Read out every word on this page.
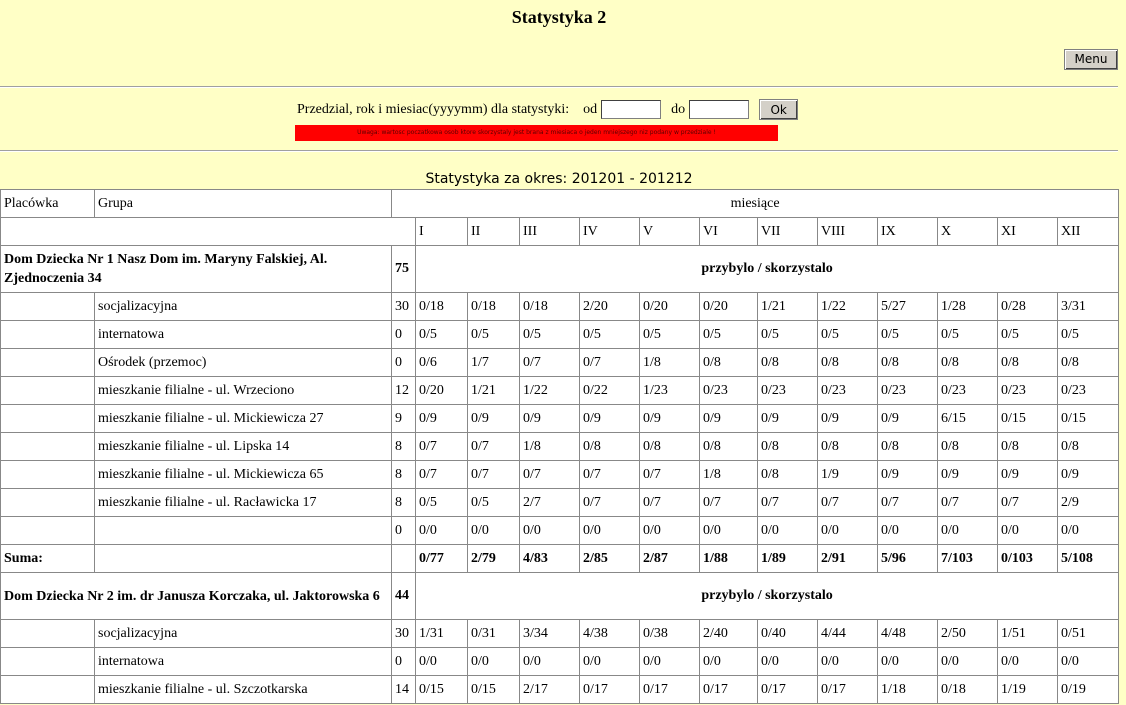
Statystyka 2
Menu
Przedzial, rok i miesiac(yyyymm) dla statystyki: od	do	Ok
Uwaga: wartosc poczatkowa osob ktore skorzystaly jest brana z miesiaca o jeden mniejszego niz podany w przedziale !
Statystyka za okres: 201201 - 201212
Placówka	Grupa	miesiące												
			I	II	III	IV	V	VI	VII	VIII	IX	X	XI	XII
Dom Dziecka Nr 1 Nasz Dom im. Maryny Falskiej, Al. Zjednoczenia 34		75	przybylo / skorzystalo											
	socjalizacyjna	30	0/18	0/18	0/18	2/20	0/20	0/20	1/21	1/22	5/27	1/28	0/28	3/31
	internatowa	0	0/5	0/5	0/5	0/5	0/5	0/5	0/5	0/5	0/5	0/5	0/5	0/5
	Ośrodek (przemoc)	0	0/6	1/7	0/7	0/7	1/8	0/8	0/8	0/8	0/8	0/8	0/8	0/8
	mieszkanie filialne - ul. Wrzeciono	12	0/20	1/21	1/22	0/22	1/23	0/23	0/23	0/23	0/23	0/23	0/23	0/23
	mieszkanie filialne - ul. Mickiewicza 27	9	0/9	0/9	0/9	0/9	0/9	0/9	0/9	0/9	0/9	6/15	0/15	0/15
	mieszkanie filialne - ul. Lipska 14	8	0/7	0/7	1/8	0/8	0/8	0/8	0/8	0/8	0/8	0/8	0/8	0/8
	mieszkanie filialne - ul. Mickiewicza 65	8	0/7	0/7	0/7	0/7	0/7	1/8	0/8	1/9	0/9	0/9	0/9	0/9
	mieszkanie filialne - ul. Racławicka 17	8	0/5	0/5	2/7	0/7	0/7	0/7	0/7	0/7	0/7	0/7	0/7	2/9
		0	0/0	0/0	0/0	0/0	0/0	0/0	0/0	0/0	0/0	0/0	0/0	0/0
Suma:			0/77	2/79	4/83	2/85	2/87	1/88	1/89	2/91	5/96	7/103	0/103	5/108
Dom Dziecka Nr 2 im. dr Janusza Korczaka, ul. Jaktorowska 6		44	przybylo / skorzystalo											
	socjalizacyjna	30	1/31	0/31	3/34	4/38	0/38	2/40	0/40	4/44	4/48	2/50	1/51	0/51
	internatowa	0	0/0	0/0	0/0	0/0	0/0	0/0	0/0	0/0	0/0	0/0	0/0	0/0
	mieszkanie filialne - ul. Szczotkarska	14	0/15	0/15	2/17	0/17	0/17	0/17	0/17	0/17	1/18	0/18	1/19	0/19
